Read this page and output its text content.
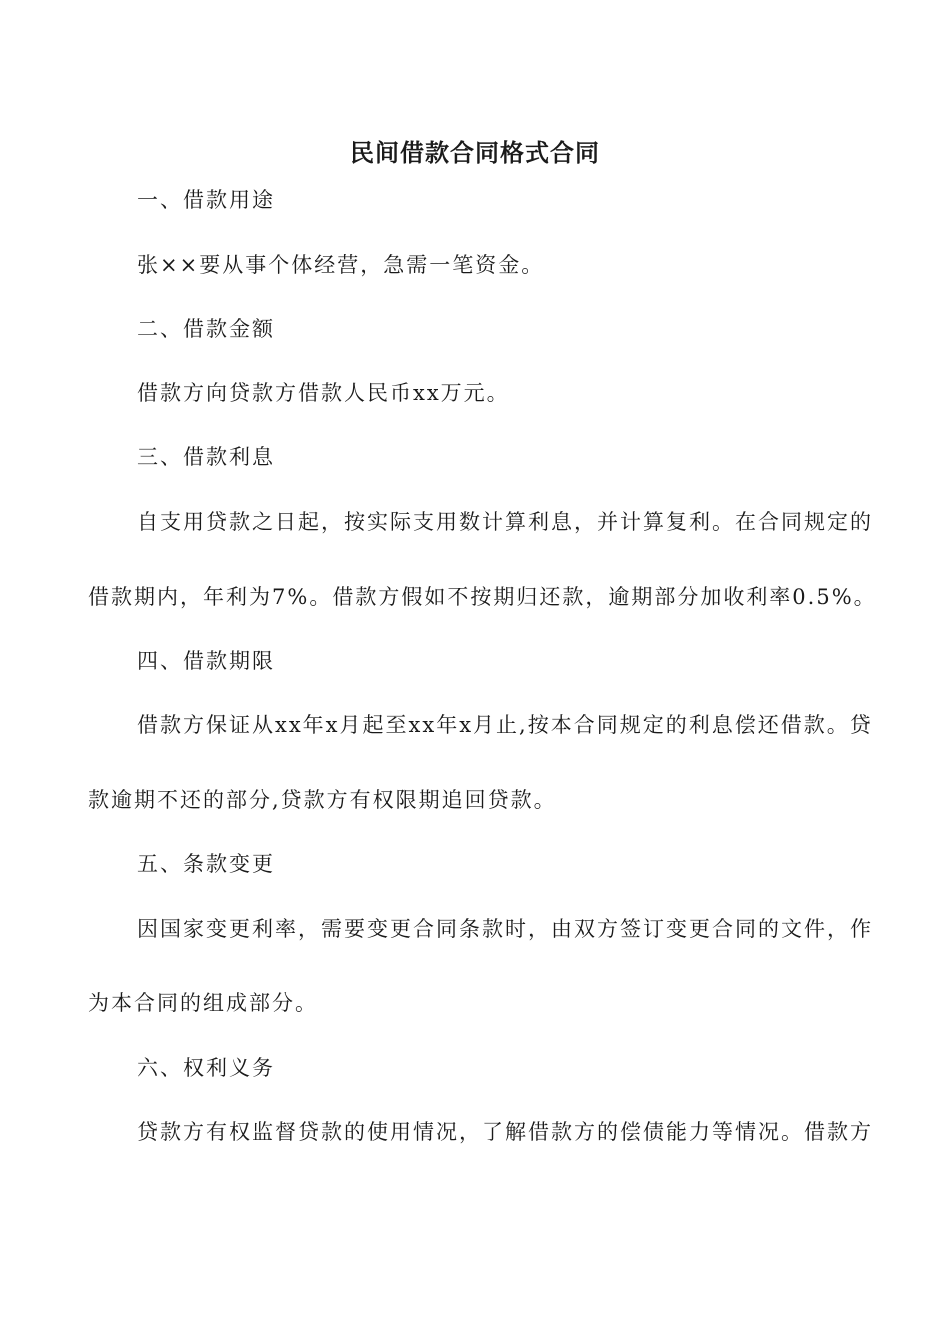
民间借款合同格式合同

一、借款用途

张××要从事个体经营，急需一笔资金。

二、借款金额

借款方向贷款方借款人民币xx万元。

三、借款利息

自支用贷款之日起，按实际支用数计算利息，并计算复利。在合同规定的

借款期内，年利为7%。借款方假如不按期归还款，逾期部分加收利率0.5%。

四、借款期限

借款方保证从xx年x月起至xx年x月止,按本合同规定的利息偿还借款。贷

款逾期不还的部分,贷款方有权限期追回贷款。

五、条款变更

因国家变更利率，需要变更合同条款时，由双方签订变更合同的文件，作

为本合同的组成部分。

六、权利义务

贷款方有权监督贷款的使用情况，了解借款方的偿债能力等情况。借款方
